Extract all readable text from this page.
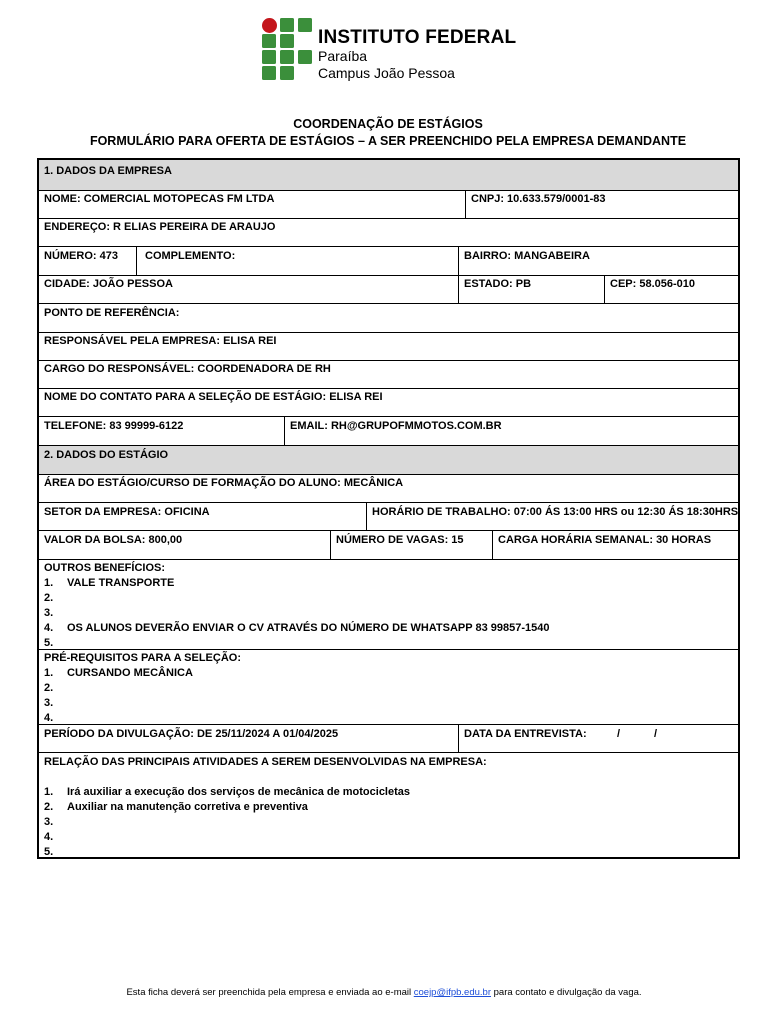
INSTITUTO FEDERAL
Paraíba
Campus João Pessoa
COORDENAÇÃO DE ESTÁGIOS
FORMULÁRIO PARA OFERTA DE ESTÁGIOS – A SER PREENCHIDO PELA EMPRESA DEMANDANTE
1. DADOS DA EMPRESA
NOME: COMERCIAL MOTOPECAS FM LTDA	CNPJ: 10.633.579/0001-83
ENDEREÇO: R ELIAS PEREIRA DE ARAUJO
NÚMERO: 473 COMPLEMENTO:	BAIRRO: MANGABEIRA
CIDADE: JOÃO PESSOA	ESTADO: PB	CEP: 58.056-010
PONTO DE REFERÊNCIA:
RESPONSÁVEL PELA EMPRESA: ELISA REI
CARGO DO RESPONSÁVEL: COORDENADORA DE RH
NOME DO CONTATO PARA A SELEÇÃO DE ESTÁGIO: ELISA REI
TELEFONE: 83 99999-6122	EMAIL: RH@GRUPOFMMOTOS.COM.BR
2. DADOS DO ESTÁGIO
ÁREA DO ESTÁGIO/CURSO DE FORMAÇÃO DO ALUNO: MECÂNICA
SETOR DA EMPRESA: OFICINA	HORÁRIO DE TRABALHO: 07:00 ÁS 13:00 HRS ou 12:30 ÁS 18:30HRS
VALOR DA BOLSA: 800,00	NÚMERO DE VAGAS: 15	CARGA HORÁRIA SEMANAL: 30 HORAS
OUTROS BENEFÍCIOS:
1. VALE TRANSPORTE
2.
3.
4. OS ALUNOS DEVERÃO ENVIAR O CV ATRAVÉS DO NÚMERO DE WHATSAPP 83 99857-1540
5.
PRÉ-REQUISITOS PARA A SELEÇÃO:
1. CURSANDO MECÂNICA
2.
3.
4.
PERÍODO DA DIVULGAÇÃO: DE 25/11/2024 A 01/04/2025	DATA DA ENTREVISTA:	/	/
RELAÇÃO DAS PRINCIPAIS ATIVIDADES A SEREM DESENVOLVIDAS NA EMPRESA:
1. Irá auxiliar a execução dos serviços de mecânica de motocicletas
2. Auxiliar na manutenção corretiva e preventiva
3.
4.
5.
Esta ficha deverá ser preenchida pela empresa e enviada ao e-mail coejp@ifpb.edu.br para contato e divulgação da vaga.
